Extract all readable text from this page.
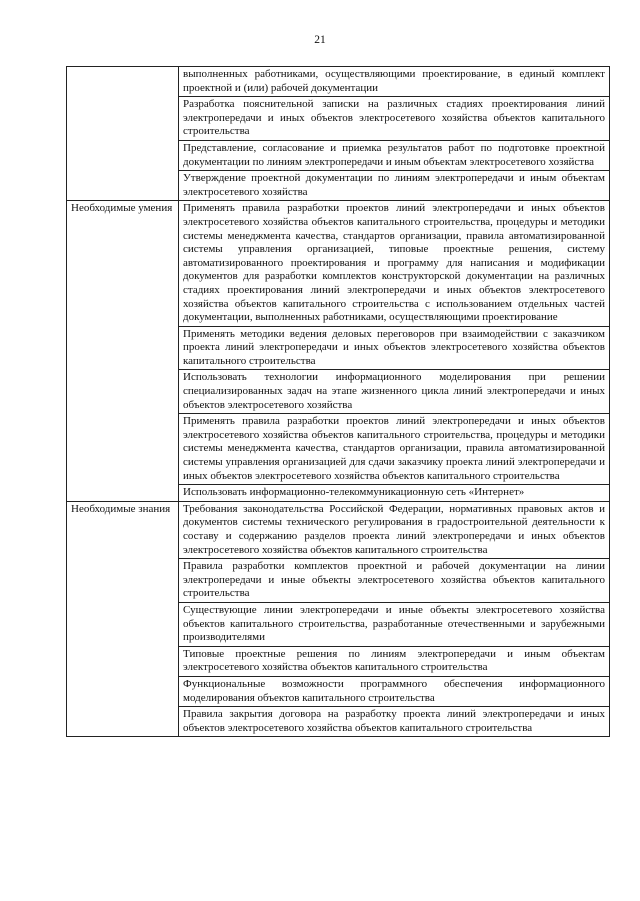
21
	выполненных работниками, осуществляющими проектирование, в единый комплект проектной и (или) рабочей документации
	Разработка пояснительной записки на различных стадиях проектирования линий электропередачи и иных объектов электросетевого хозяйства объектов капитального строительства
	Представление, согласование и приемка результатов работ по подготовке проектной документации по линиям электропередачи и иным объектам электросетевого хозяйства
	Утверждение проектной документации по линиям электропередачи и иным объектам электросетевого хозяйства
Необходимые умения	Применять правила разработки проектов линий электропередачи и иных объектов электросетевого хозяйства объектов капитального строительства, процедуры и методики системы менеджмента качества, стандартов организации, правила автоматизированной системы управления организацией, типовые проектные решения, систему автоматизированного проектирования и программу для написания и модификации документов для разработки комплектов конструкторской документации на различных стадиях проектирования линий электропередачи и иных объектов электросетевого хозяйства объектов капитального строительства с использованием отдельных частей документации, выполненных работниками, осуществляющими проектирование
	Применять методики ведения деловых переговоров при взаимодействии с заказчиком проекта линий электропередачи и иных объектов электросетевого хозяйства объектов капитального строительства
	Использовать технологии информационного моделирования при решении специализированных задач на этапе жизненного цикла линий электропередачи и иных объектов электросетевого хозяйства
	Применять правила разработки проектов линий электропередачи и иных объектов электросетевого хозяйства объектов капитального строительства, процедуры и методики системы менеджмента качества, стандартов организации, правила автоматизированной системы управления организацией для сдачи заказчику проекта линий электропередачи и иных объектов электросетевого хозяйства объектов капитального строительства
	Использовать информационно-телекоммуникационную сеть «Интернет»
Необходимые знания	Требования законодательства Российской Федерации, нормативных правовых актов и документов системы технического регулирования в градостроительной деятельности к составу и содержанию разделов проекта линий электропередачи и иных объектов электросетевого хозяйства объектов капитального строительства
	Правила разработки комплектов проектной и рабочей документации на линии электропередачи и иные объекты электросетевого хозяйства объектов капитального строительства
	Существующие линии электропередачи и иные объекты электросетевого хозяйства объектов капитального строительства, разработанные отечественными и зарубежными производителями
	Типовые проектные решения по линиям электропередачи и иным объектам электросетевого хозяйства объектов капитального строительства
	Функциональные возможности программного обеспечения информационного моделирования объектов капитального строительства
	Правила закрытия договора на разработку проекта линий электропередачи и иных объектов электросетевого хозяйства объектов капитального строительства
